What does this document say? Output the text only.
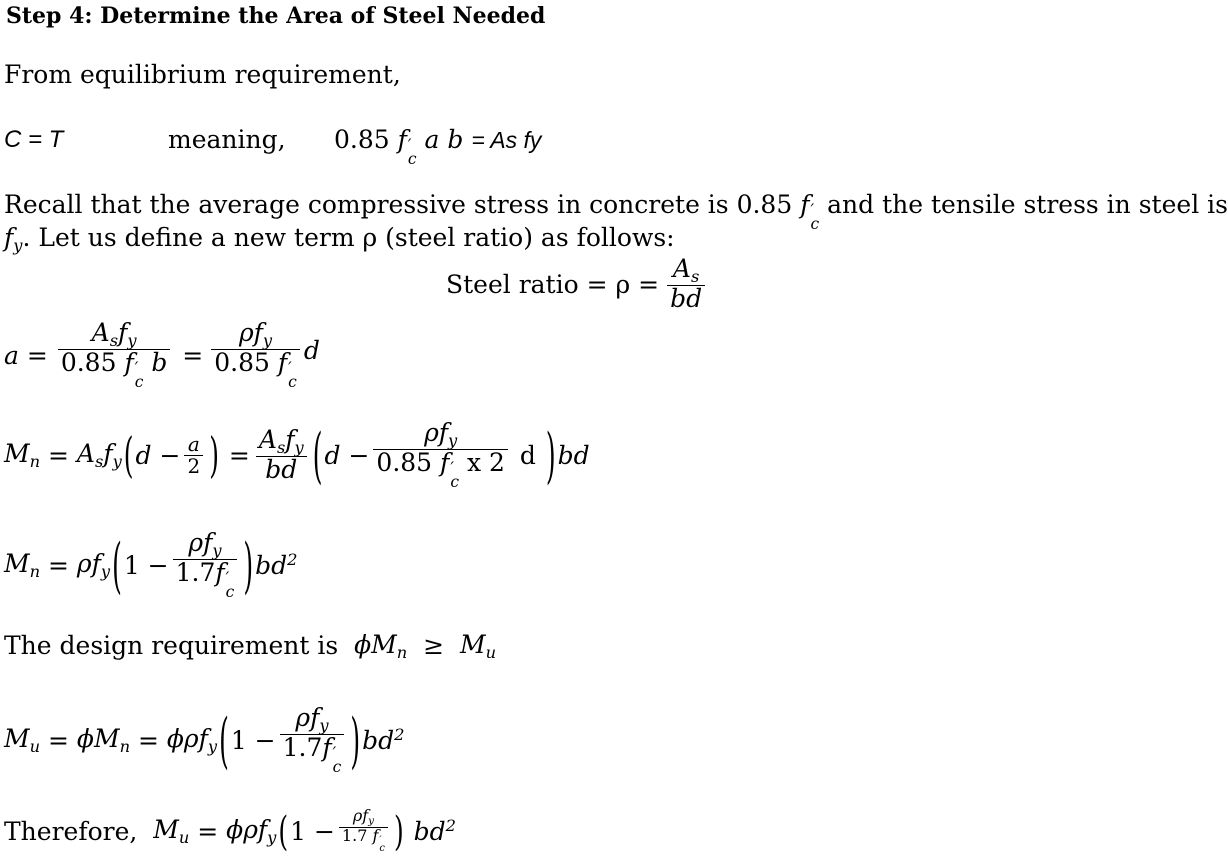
Step 4: Determine the Area of Steel Needed
From equilibrium requirement,
C = T	meaning, 0.85 f ′
c
a b = As fy
Recall that the average compressive stress in concrete is 0.85 f ′
c
and the tensile stress in steel is
$f_y$. Let us define a new term ρ (steel ratio) as follows:
Steel ratio = $\rho = \frac{A_s}{bd}$
$a = A_sf_y$
0.85 f ′
c
$b = \rho f_y$
0.85 f ′
c d
$M_n = A_sf_y$ ( $d - \frac{a}{2}$ ) = $\frac{A_sf_y}{bd}$ ( $d - \rho f_y$
0.85 f ′
c
x 2
d
) bd
$M_n = \rho f_y$ ( $1 - \rho f_y$
1.7f ′
c ) $bd^2$
The design requirement is
$\phi M_n \ge M_u$
$M_u = \phi M_n = \phi\rho f_y$ ( $1 - \rho f_y$
1.7f ′
c ) $bd^2$
Therefore,
$M_u = \phi\rho f_y$ ( $1 - \rho f_y$
1.7 f ′
c )
$bd^2$
